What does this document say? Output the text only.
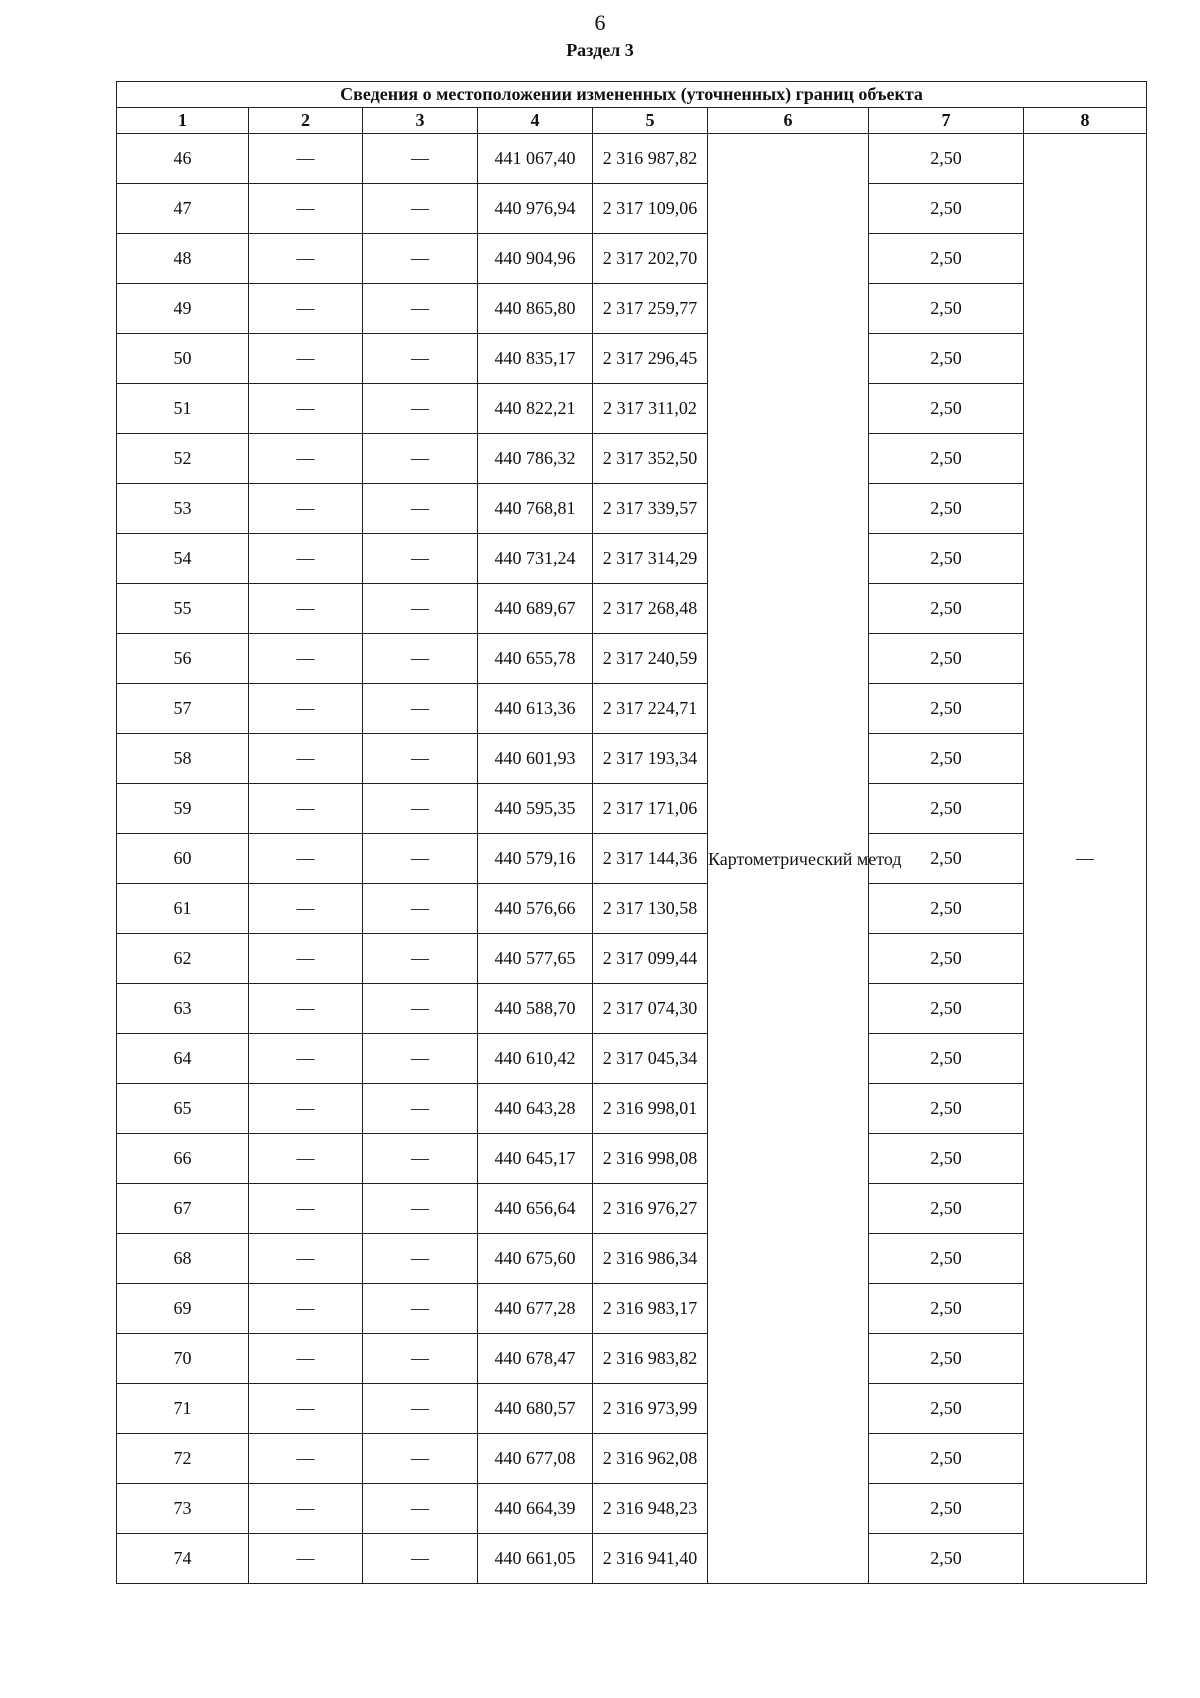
6
Раздел 3
Сведения о местоположении измененных (уточненных) границ объекта							
1	2	3	4	5	6	7	8
46	—	—	441 067,40	2 316 987,82	Картометрический метод	2,50	—
47	—	—	440 976,94	2 317 109,06		2,50	
48	—	—	440 904,96	2 317 202,70		2,50	
49	—	—	440 865,80	2 317 259,77		2,50	
50	—	—	440 835,17	2 317 296,45		2,50	
51	—	—	440 822,21	2 317 311,02		2,50	
52	—	—	440 786,32	2 317 352,50		2,50	
53	—	—	440 768,81	2 317 339,57		2,50	
54	—	—	440 731,24	2 317 314,29		2,50	
55	—	—	440 689,67	2 317 268,48		2,50	
56	—	—	440 655,78	2 317 240,59		2,50	
57	—	—	440 613,36	2 317 224,71		2,50	
58	—	—	440 601,93	2 317 193,34		2,50	
59	—	—	440 595,35	2 317 171,06		2,50	
60	—	—	440 579,16	2 317 144,36		2,50	
61	—	—	440 576,66	2 317 130,58		2,50	
62	—	—	440 577,65	2 317 099,44		2,50	
63	—	—	440 588,70	2 317 074,30		2,50	
64	—	—	440 610,42	2 317 045,34		2,50	
65	—	—	440 643,28	2 316 998,01		2,50	
66	—	—	440 645,17	2 316 998,08		2,50	
67	—	—	440 656,64	2 316 976,27		2,50	
68	—	—	440 675,60	2 316 986,34		2,50	
69	—	—	440 677,28	2 316 983,17		2,50	
70	—	—	440 678,47	2 316 983,82		2,50	
71	—	—	440 680,57	2 316 973,99		2,50	
72	—	—	440 677,08	2 316 962,08		2,50	
73	—	—	440 664,39	2 316 948,23		2,50	
74	—	—	440 661,05	2 316 941,40		2,50	
